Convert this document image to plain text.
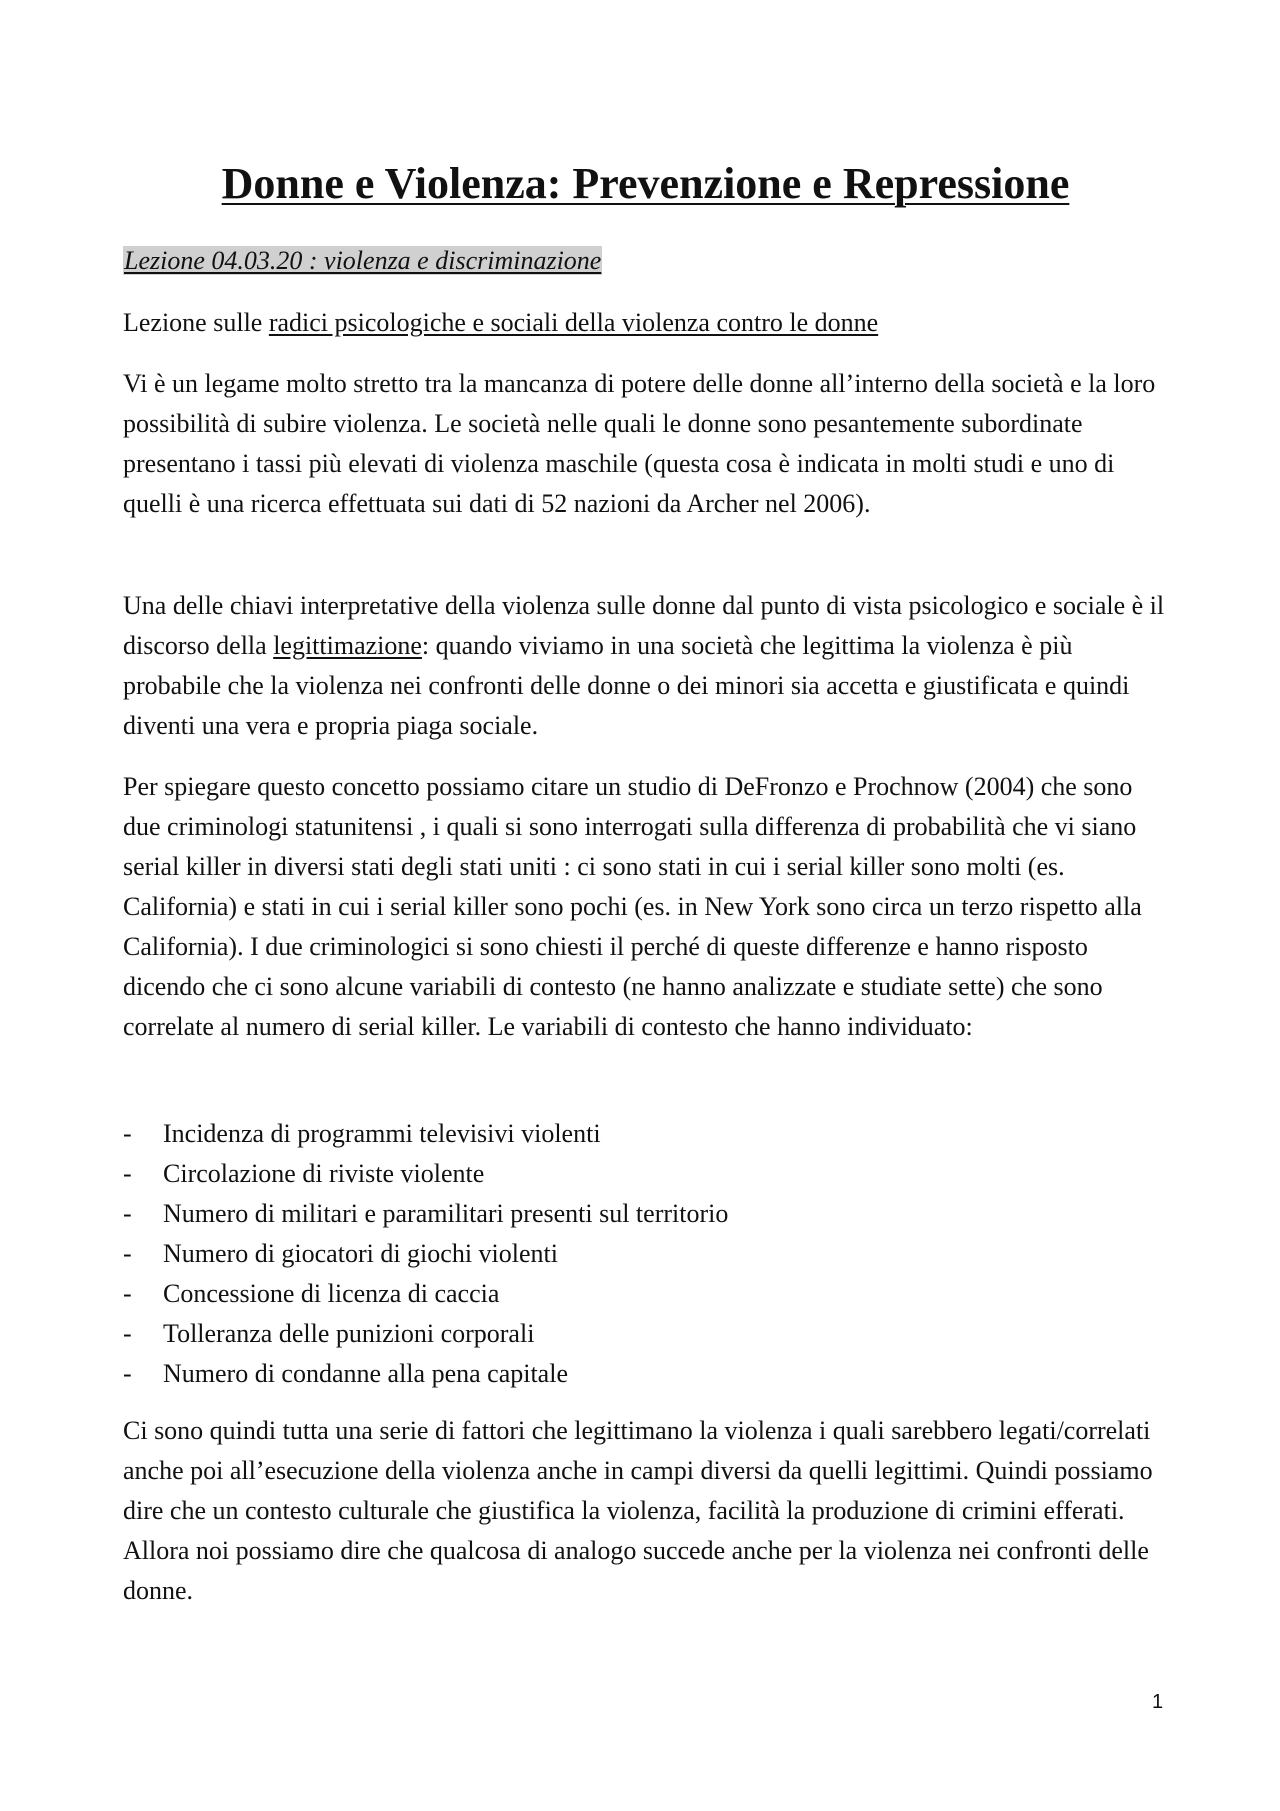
Donne e Violenza: Prevenzione e Repressione

Lezione 04.03.20 : violenza e discriminazione

Lezione sulle radici psicologiche e sociali della violenza contro le donne

Vi è un legame molto stretto tra la mancanza di potere delle donne all’interno della società e la loro possibilità di subire violenza. Le società nelle quali le donne sono pesantemente subordinate presentano i tassi più elevati di violenza maschile (questa cosa è indicata in molti studi e uno di quelli è una ricerca effettuata sui dati di 52 nazioni da Archer nel 2006).

Una delle chiavi interpretative della violenza sulle donne dal punto di vista psicologico e sociale è il discorso della legittimazione: quando viviamo in una società che legittima la violenza è più probabile che la violenza nei confronti delle donne o dei minori sia accetta e giustificata e quindi diventi una vera e propria piaga sociale.

Per spiegare questo concetto possiamo citare un studio di DeFronzo e Prochnow (2004) che sono due criminologi statunitensi , i quali si sono interrogati sulla differenza di probabilità che vi siano serial killer in diversi stati degli stati uniti : ci sono stati in cui i serial killer sono molti (es. California) e stati in cui i serial killer sono pochi (es. in New York sono circa un terzo rispetto alla California). I due criminologici si sono chiesti il perché di queste differenze e hanno risposto dicendo che ci sono alcune variabili di contesto (ne hanno analizzate e studiate sette) che sono correlate al numero di serial killer. Le variabili di contesto che hanno individuato:

- Incidenza di programmi televisivi violenti
- Circolazione di riviste violente
- Numero di militari e paramilitari presenti sul territorio
- Numero di giocatori di giochi violenti
- Concessione di licenza di caccia
- Tolleranza delle punizioni corporali
- Numero di condanne alla pena capitale

Ci sono quindi tutta una serie di fattori che legittimano la violenza i quali sarebbero legati/correlati anche poi all’esecuzione della violenza anche in campi diversi da quelli legittimi. Quindi possiamo dire che un contesto culturale che giustifica la violenza, facilità la produzione di crimini efferati. Allora noi possiamo dire che qualcosa di analogo succede anche per la violenza nei confronti delle donne.

1
